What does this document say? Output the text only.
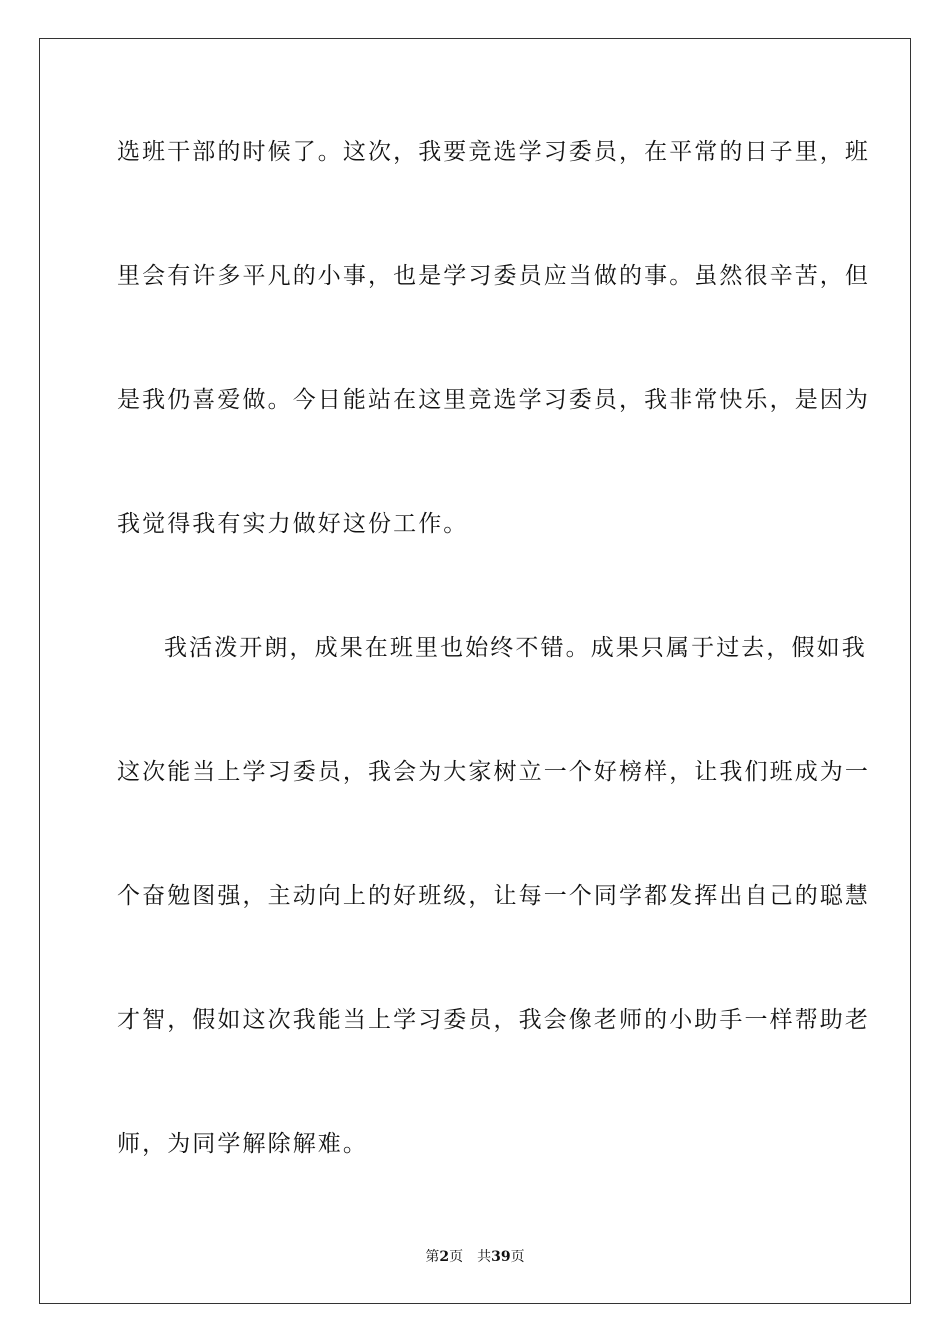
选班干部的时候了。这次，我要竞选学习委员，在平常的日子里，班
里会有许多平凡的小事，也是学习委员应当做的事。虽然很辛苦，但
是我仍喜爱做。今日能站在这里竞选学习委员，我非常快乐，是因为
我觉得我有实力做好这份工作。
我活泼开朗，成果在班里也始终不错。成果只属于过去，假如我
这次能当上学习委员，我会为大家树立一个好榜样，让我们班成为一
个奋勉图强，主动向上的好班级，让每一个同学都发挥出自己的聪慧
才智，假如这次我能当上学习委员，我会像老师的小助手一样帮助老
师，为同学解除解难。
第2页 共39页
